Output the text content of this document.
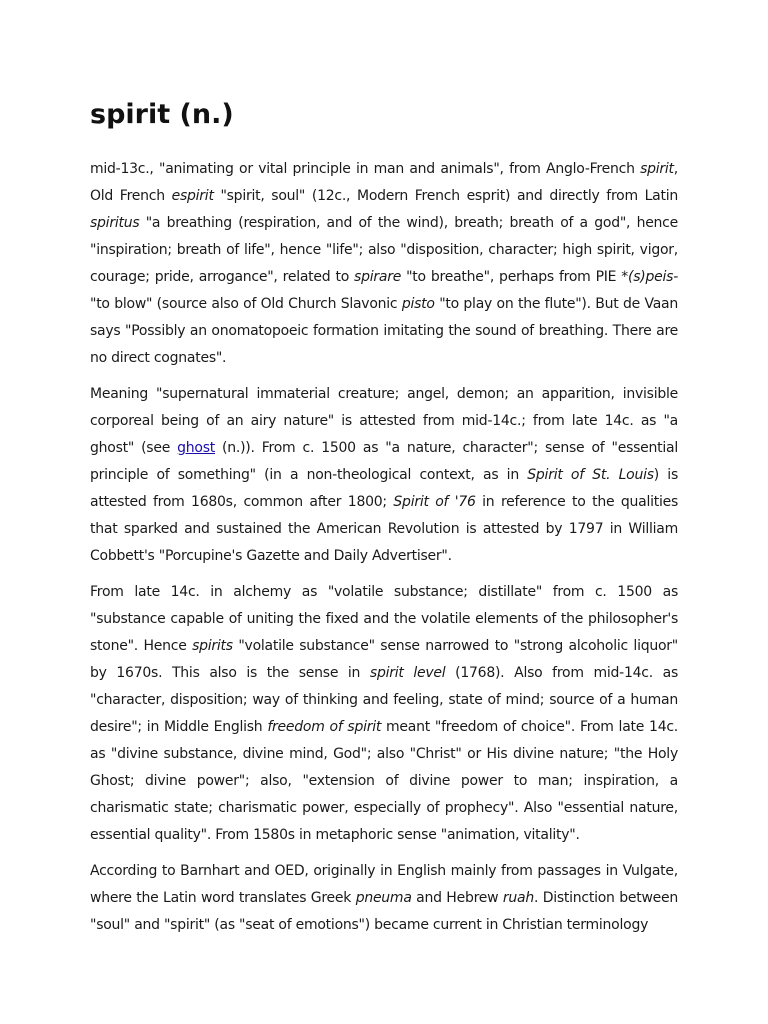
spirit (n.)

mid-13c., "animating or vital principle in man and animals", from Anglo-French spirit, Old French espirit "spirit, soul" (12c., Modern French esprit) and directly from Latin spiritus "a breathing (respiration, and of the wind), breath; breath of a god", hence "inspiration; breath of life", hence "life"; also "disposition, character; high spirit, vigor, courage; pride, arrogance", related to spirare "to breathe", perhaps from PIE *(s)peis- "to blow" (source also of Old Church Slavonic pisto "to play on the flute"). But de Vaan says "Possibly an onomatopoeic formation imitating the sound of breathing. There are no direct cognates".

Meaning "supernatural immaterial creature; angel, demon; an apparition, invisible corporeal being of an airy nature" is attested from mid-14c.; from late 14c. as "a ghost" (see ghost (n.)). From c. 1500 as "a nature, character"; sense of "essential principle of something" (in a non-theological context, as in Spirit of St. Louis) is attested from 1680s, common after 1800; Spirit of '76 in reference to the qualities that sparked and sustained the American Revolution is attested by 1797 in William Cobbett's "Porcupine's Gazette and Daily Advertiser".

From late 14c. in alchemy as "volatile substance; distillate" from c. 1500 as "substance capable of uniting the fixed and the volatile elements of the philosopher's stone". Hence spirits "volatile substance" sense narrowed to "strong alcoholic liquor" by 1670s. This also is the sense in spirit level (1768). Also from mid-14c. as "character, disposition; way of thinking and feeling, state of mind; source of a human desire"; in Middle English freedom of spirit meant "freedom of choice". From late 14c. as "divine substance, divine mind, God"; also "Christ" or His divine nature; "the Holy Ghost; divine power"; also, "extension of divine power to man; inspiration, a charismatic state; charismatic power, especially of prophecy". Also "essential nature, essential quality". From 1580s in metaphoric sense "animation, vitality".

According to Barnhart and OED, originally in English mainly from passages in Vulgate, where the Latin word translates Greek pneuma and Hebrew ruah. Distinction between "soul" and "spirit" (as "seat of emotions") became current in Christian terminology
